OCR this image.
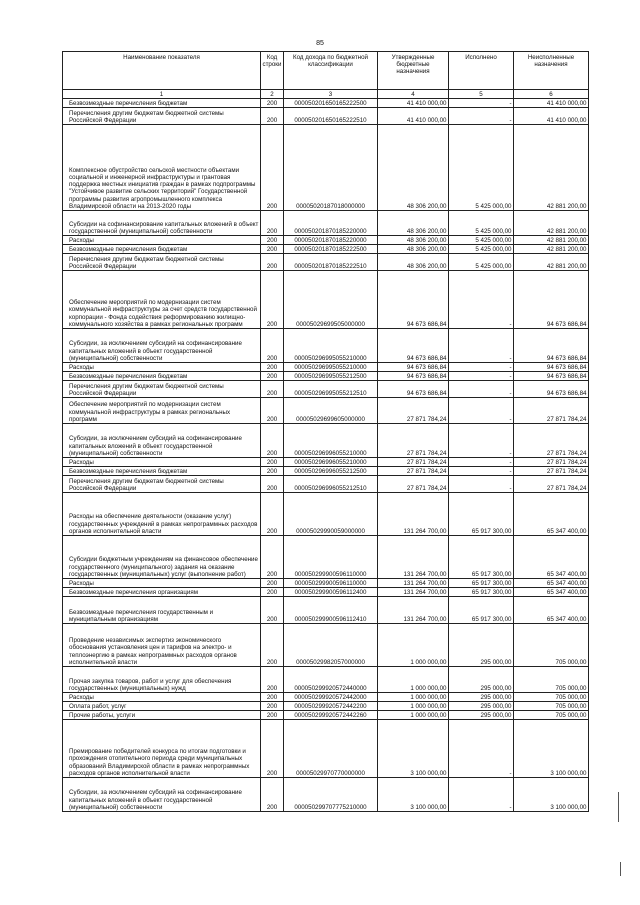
85
Наименование показателя	Код строки	Код дохода по бюджетной классификации	Утвержденные бюджетные назначения	Исполнено	Неисполненные назначения
1	2	3	4	5	6
Безвозмездные перечисления бюджетам	200	000050201650165222500	41 410 000,00	-	41 410 000,00
Перечисления другим бюджетам бюджетной системы Российской Федерации	200	000050201650165222510	41 410 000,00	-	41 410 000,00
Комплексное обустройство сельской местности объектами социальной и инженерной инфраструктуры и грантовая поддержка местных инициатив граждан в рамках подпрограммы "Устойчивое развитие сельских территорий" Государственной программы развития агропромышленного комплекса Владимирской области на 2013-2020 годы	200	00005020187018000000	48 306 200,00	5 425 000,00	42 881 200,00
Субсидии на софинансирование капитальных вложений в объект государственной (муниципальной) собственности	200	000050201870185220000	48 306 200,00	5 425 000,00	42 881 200,00
Расходы	200	000050201870185220000	48 306 200,00	5 425 000,00	42 881 200,00
Безвозмездные перечисления бюджетам	200	000050201870185222500	48 306 200,00	5 425 000,00	42 881 200,00
Перечисления другим бюджетам бюджетной системы Российской Федерации	200	000050201870185222510	48 306 200,00	5 425 000,00	42 881 200,00
Обеспечение мероприятий по модернизации систем коммунальной инфраструктуры за счет средств государственной корпорации - Фонда содействия реформированию жилищно-коммунального хозяйства в рамках региональных программ	200	00005029699505000000	94 673 686,84	-	94 673 686,84
Субсидии, за исключением субсидий на софинансирование капитальных вложений в объект государственной (муниципальной) собственности	200	000050296995055210000	94 673 686,84	-	94 673 686,84
Расходы	200	000050296995055210000	94 673 686,84	-	94 673 686,84
Безвозмездные перечисления бюджетам	200	000050296995055212500	94 673 686,84	-	94 673 686,84
Перечисления другим бюджетам бюджетной системы Российской Федерации	200	000050296995055212510	94 673 686,84	-	94 673 686,84
Обеспечение мероприятий по модернизации систем коммунальной инфраструктуры в рамках региональных программ	200	00005029699605000000	27 871 784,24	-	27 871 784,24
Субсидии, за исключением субсидий на софинансирование капитальных вложений в объект государственной (муниципальной) собственности	200	000050296996055210000	27 871 784,24	-	27 871 784,24
Расходы	200	000050296996055210000	27 871 784,24	-	27 871 784,24
Безвозмездные перечисления бюджетам	200	000050296996055212500	27 871 784,24	-	27 871 784,24
Перечисления другим бюджетам бюджетной системы Российской Федерации	200	000050296996055212510	27 871 784,24	-	27 871 784,24
Расходы на обеспечение деятельности (оказание услуг) государственных учреждений в рамках непрограммных расходов органов исполнительной власти	200	00005029990059000000	131 264 700,00	65 917 300,00	65 347 400,00
Субсидии бюджетным учреждениям на финансовое обеспечение государственного (муниципального) задания на оказание государственных (муниципальных) услуг (выполнение работ)	200	000050299900596110000	131 264 700,00	65 917 300,00	65 347 400,00
Расходы	200	000050299900596110000	131 264 700,00	65 917 300,00	65 347 400,00
Безвозмездные перечисления организациям	200	000050299900596112400	131 264 700,00	65 917 300,00	65 347 400,00
Безвозмездные перечисления государственным и муниципальным организациям	200	000050299900596112410	131 264 700,00	65 917 300,00	65 347 400,00
Проведение независимых экспертиз экономического обоснования установления цен и тарифов на электро- и теплоэнергию в рамках непрограммных расходов органов исполнительной власти	200	00005029982057000000	1 000 000,00	295 000,00	705 000,00
Прочая закупка товаров, работ и услуг для обеспечения государственных (муниципальных) нужд	200	000050299920572440000	1 000 000,00	295 000,00	705 000,00
Расходы	200	000050299920572442000	1 000 000,00	295 000,00	705 000,00
Оплата работ, услуг	200	000050299920572442200	1 000 000,00	295 000,00	705 000,00
Прочие работы, услуги	200	000050299920572442260	1 000 000,00	295 000,00	705 000,00
Премирование победителей конкурса по итогам подготовки и прохождения отопительного периода среди муниципальных образований Владимирской области в рамках непрограммных расходов органов исполнительной власти	200	00005029970770000000	3 100 000,00	-	3 100 000,00
Субсидии, за исключением субсидий на софинансирование капитальных вложений в объект государственной (муниципальной) собственности	200	000050299707775210000	3 100 000,00	-	3 100 000,00
